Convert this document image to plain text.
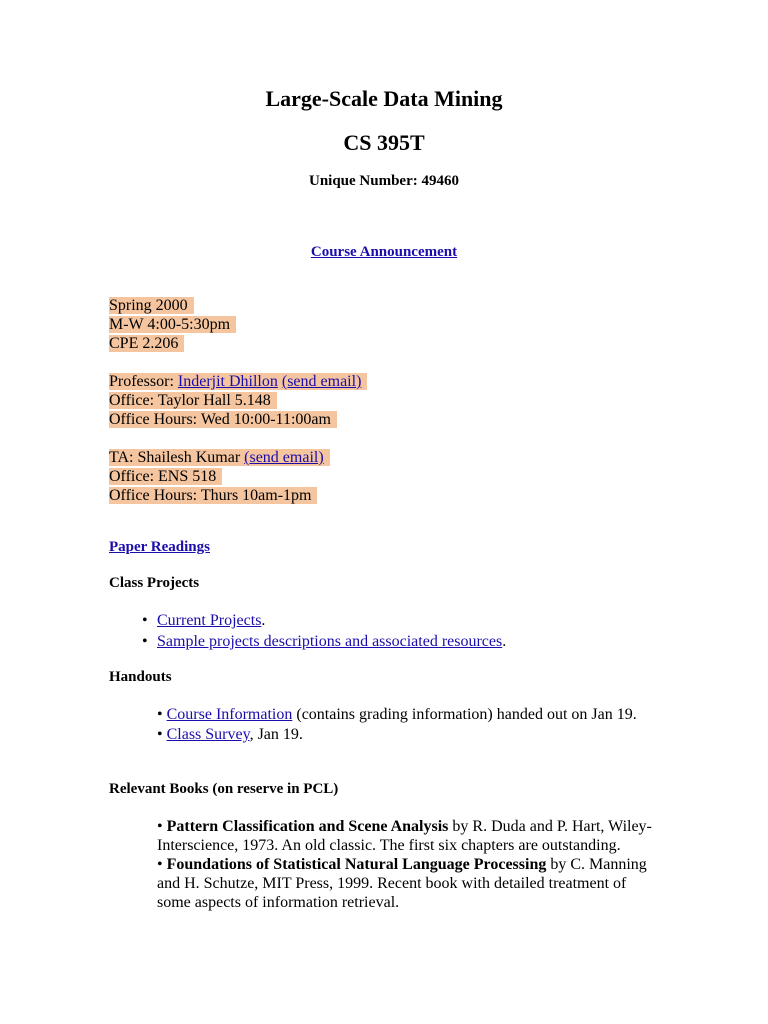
Large-Scale Data Mining
CS 395T
Unique Number: 49460
Course Announcement
Spring 2000
M-W 4:00-5:30pm
CPE 2.206
Professor: Inderjit Dhillon (send email)
Office: Taylor Hall 5.148
Office Hours: Wed 10:00-11:00am
TA: Shailesh Kumar (send email)
Office: ENS 518
Office Hours: Thurs 10am-1pm
Paper Readings
Class Projects
• Current Projects.
• Sample projects descriptions and associated resources.
Handouts
• Course Information (contains grading information) handed out on Jan 19.
• Class Survey, Jan 19.
Relevant Books (on reserve in PCL)
• Pattern Classification and Scene Analysis by R. Duda and P. Hart, Wiley-Interscience, 1973. An old classic. The first six chapters are outstanding.
• Foundations of Statistical Natural Language Processing by C. Manning and H. Schutze, MIT Press, 1999. Recent book with detailed treatment of some aspects of information retrieval.
